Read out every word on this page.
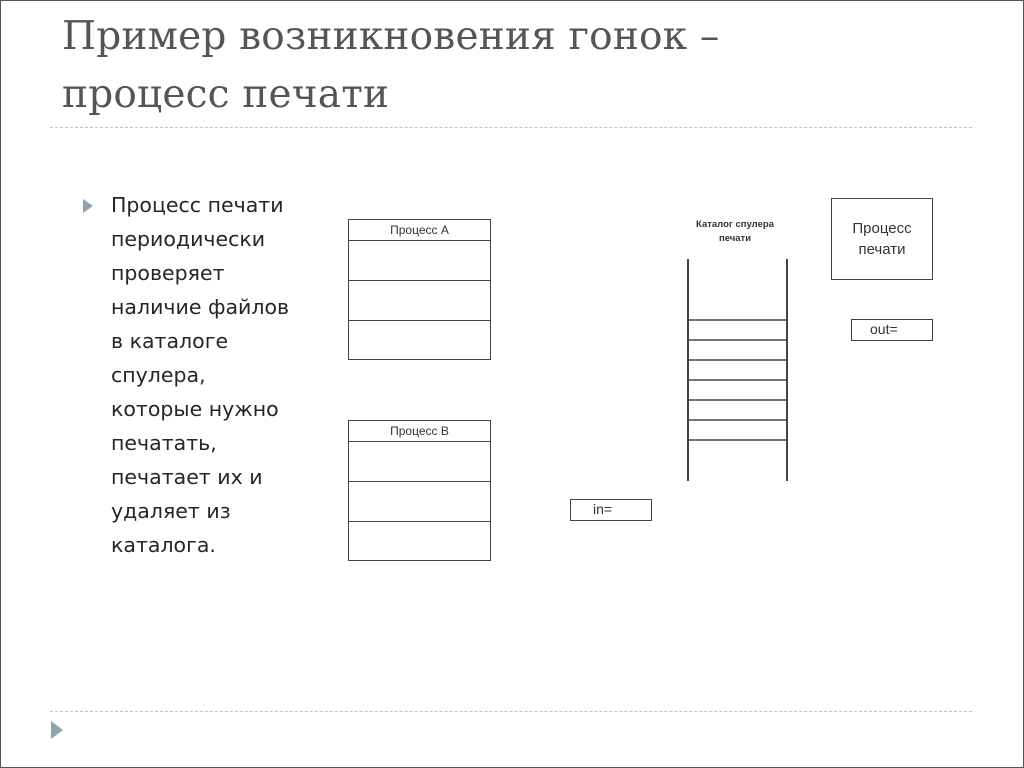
Пример возникновения гонок –
процесс печати

Процесс печати
периодически
проверяет
наличие файлов
в каталоге
спулера,
которые нужно
печатать,
печатает их и
удаляет из
каталога.

Процесс A
Процесс B
Каталог спулера
печати
Процесс
печати
out=
in=
